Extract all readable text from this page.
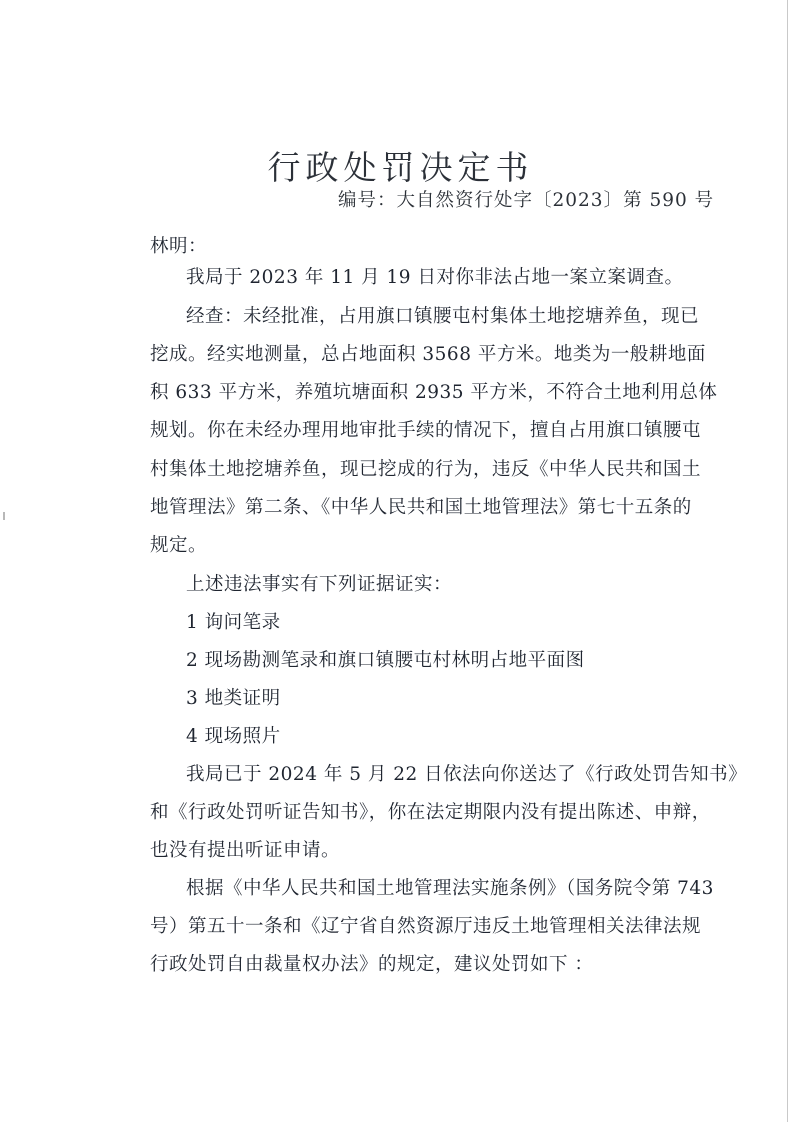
行政处罚决定书
编号：大自然资行处字〔2023〕第 590 号
林明：
我局于 2023 年 11 月 19 日对你非法占地一案立案调查。
经查：未经批准，占用旗口镇腰屯村集体土地挖塘养鱼，现已
挖成。经实地测量，总占地面积 3568 平方米。地类为一般耕地面
积 633 平方米，养殖坑塘面积 2935 平方米，不符合土地利用总体
规划。你在未经办理用地审批手续的情况下，擅自占用旗口镇腰屯
村集体土地挖塘养鱼，现已挖成的行为，违反《中华人民共和国土
地管理法》第二条、《中华人民共和国土地管理法》第七十五条的
规定。
上述违法事实有下列证据证实：
1 询问笔录
2 现场勘测笔录和旗口镇腰屯村林明占地平面图
3 地类证明
4 现场照片
我局已于 2024 年 5 月 22 日依法向你送达了《行政处罚告知书》
和《行政处罚听证告知书》，你在法定期限内没有提出陈述、申辩，
也没有提出听证申请。
根据《中华人民共和国土地管理法实施条例》（国务院令第 743
号）第五十一条和《辽宁省自然资源厅违反土地管理相关法律法规
行政处罚自由裁量权办法》的规定，建议处罚如下 ：
